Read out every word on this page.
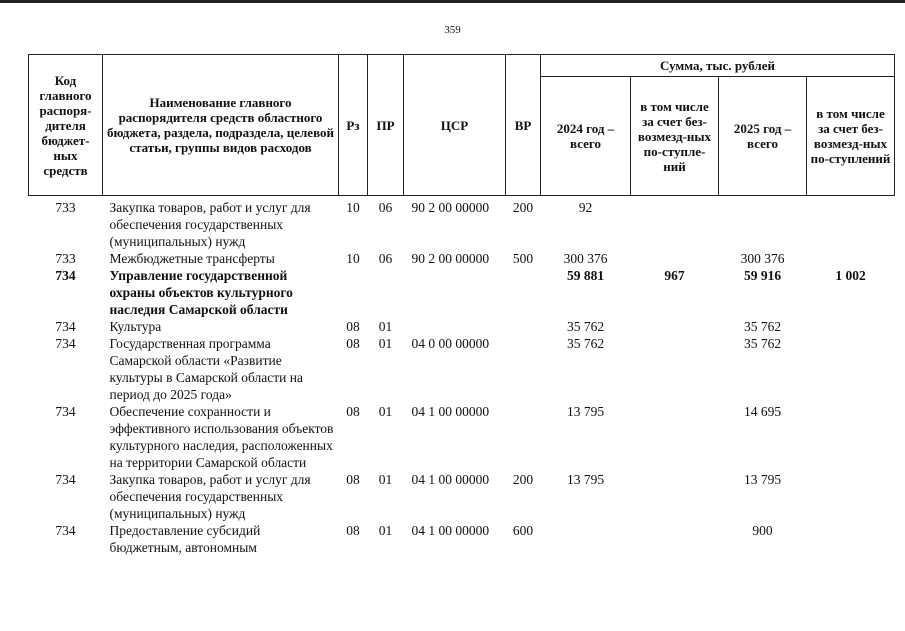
359
Код главного распоря-дителя бюджет-ных средств	Наименование главного распорядителя средств областного бюджета, раздела, подраздела, целевой статьи, группы видов расходов	Рз	ПР	ЦСР	ВР	Сумма, тыс. рублей			
						2024 год – всего	в том числе за счет без-возмезд-ных по-ступле-ний	2025 год – всего	в том числе за счет без-возмезд-ных по-ступлений
733	Закупка товаров, работ и услуг для обеспечения государственных (муниципальных) нужд	10	06	90 2 00 00000	200	92			
733	Межбюджетные трансферты	10	06	90 2 00 00000	500	300 376		300 376	
734	Управление государственной охраны объектов культурного наследия Самарской области					59 881	967	59 916	1 002
734	Культура	08	01			35 762		35 762	
734	Государственная программа Самарской области «Развитие культуры в Самарской области на период до 2025 года»	08	01	04 0 00 00000		35 762		35 762	
734	Обеспечение сохранности и эффективного использования объектов культурного наследия, расположенных на территории Самарской области	08	01	04 1 00 00000		13 795		14 695	
734	Закупка товаров, работ и услуг для обеспечения государственных (муниципальных) нужд	08	01	04 1 00 00000	200	13 795		13 795	
734	Предоставление субсидий бюджетным, автономным	08	01	04 1 00 00000	600			900	
